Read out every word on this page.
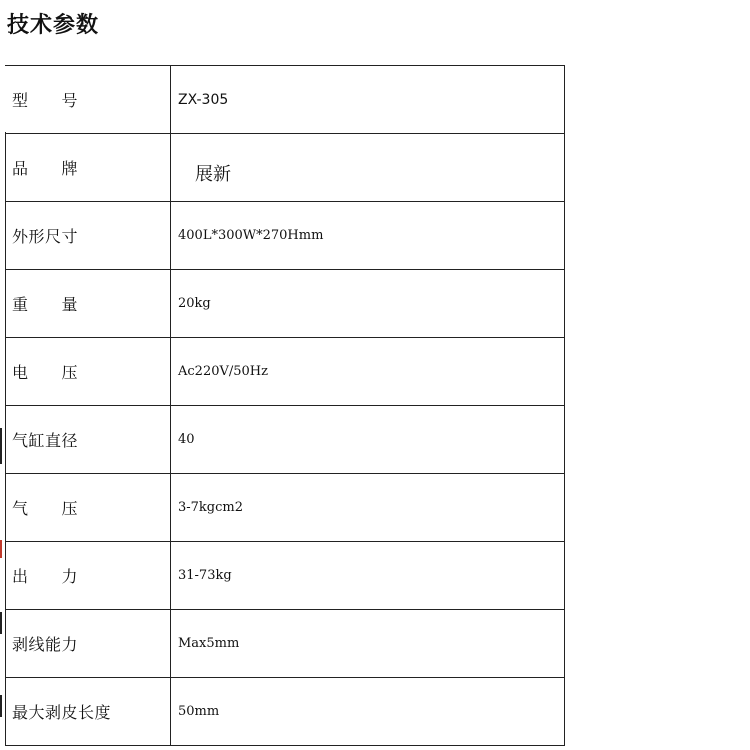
技术参数
型　　号	ZX-305
品　　牌	展新
外形尺寸	400L*300W*270Hmm
重　　量	20kg
电　　压	Ac220V/50Hz
气缸直径	40
气　　压	3-7kgcm2
出　　力	31-73kg
剥线能力	Max5mm
最大剥皮长度	50mm
